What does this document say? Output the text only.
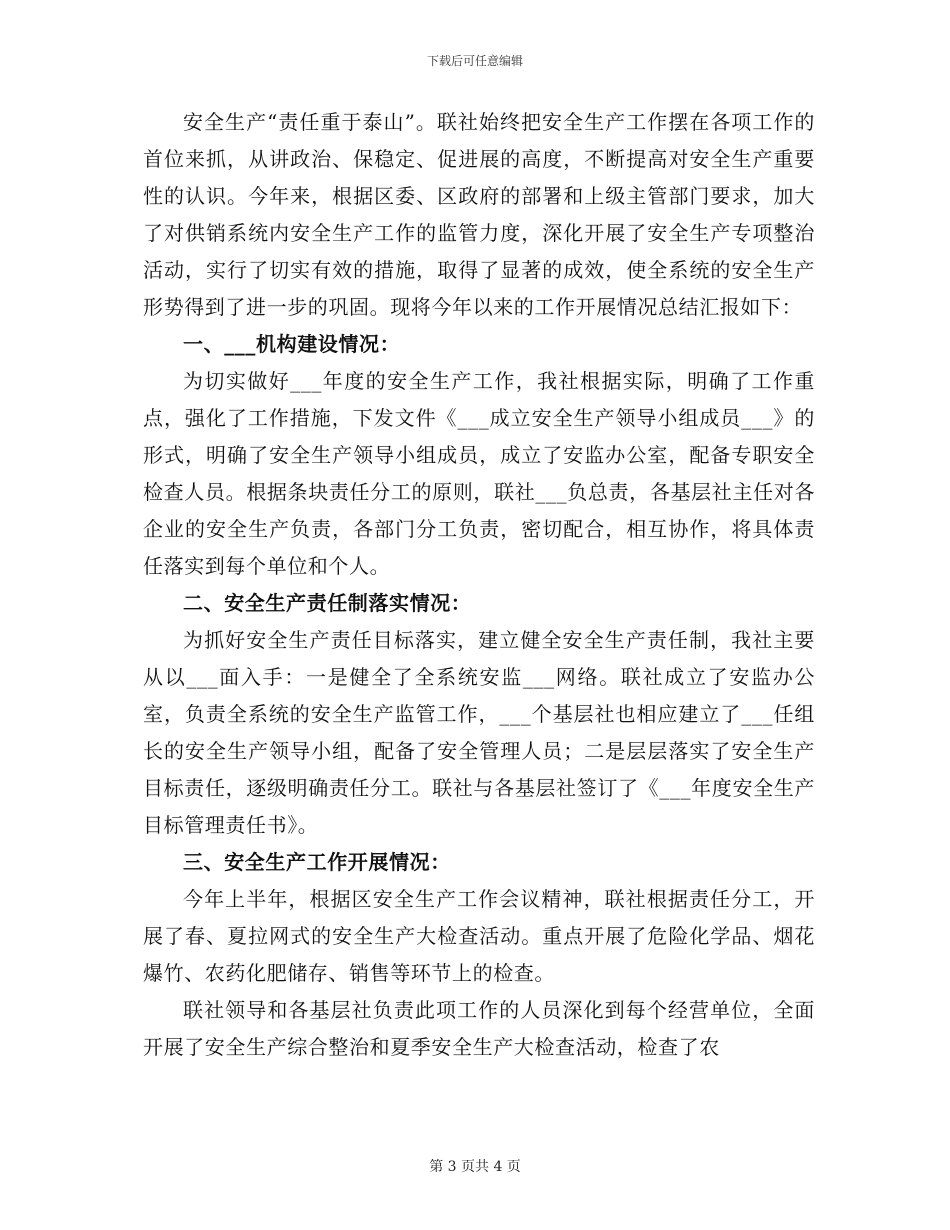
下载后可任意编辑

安全生产“责任重于泰山”。联社始终把安全生产工作摆在各项工作的首位来抓，从讲政治、保稳定、促进展的高度，不断提高对安全生产重要性的认识。今年来，根据区委、区政府的部署和上级主管部门要求，加大了对供销系统内安全生产工作的监管力度，深化开展了安全生产专项整治活动，实行了切实有效的措施，取得了显著的成效，使全系统的安全生产形势得到了进一步的巩固。现将今年以来的工作开展情况总结汇报如下：

一、___机构建设情况：

为切实做好___年度的安全生产工作，我社根据实际，明确了工作重点，强化了工作措施，下发文件《___成立安全生产领导小组成员___》的形式，明确了安全生产领导小组成员，成立了安监办公室，配备专职安全检查人员。根据条块责任分工的原则，联社___负总责，各基层社主任对各企业的安全生产负责，各部门分工负责，密切配合，相互协作，将具体责任落实到每个单位和个人。

二、安全生产责任制落实情况：

为抓好安全生产责任目标落实，建立健全安全生产责任制，我社主要从以___面入手：一是健全了全系统安监___网络。联社成立了安监办公室，负责全系统的安全生产监管工作，___个基层社也相应建立了___任组长的安全生产领导小组，配备了安全管理人员；二是层层落实了安全生产目标责任，逐级明确责任分工。联社与各基层社签订了《___年度安全生产目标管理责任书》。

三、安全生产工作开展情况：

今年上半年，根据区安全生产工作会议精神，联社根据责任分工，开展了春、夏拉网式的安全生产大检查活动。重点开展了危险化学品、烟花爆竹、农药化肥储存、销售等环节上的检查。

联社领导和各基层社负责此项工作的人员深化到每个经营单位，全面开展了安全生产综合整治和夏季安全生产大检查活动，检查了农

第 3 页共 4 页
